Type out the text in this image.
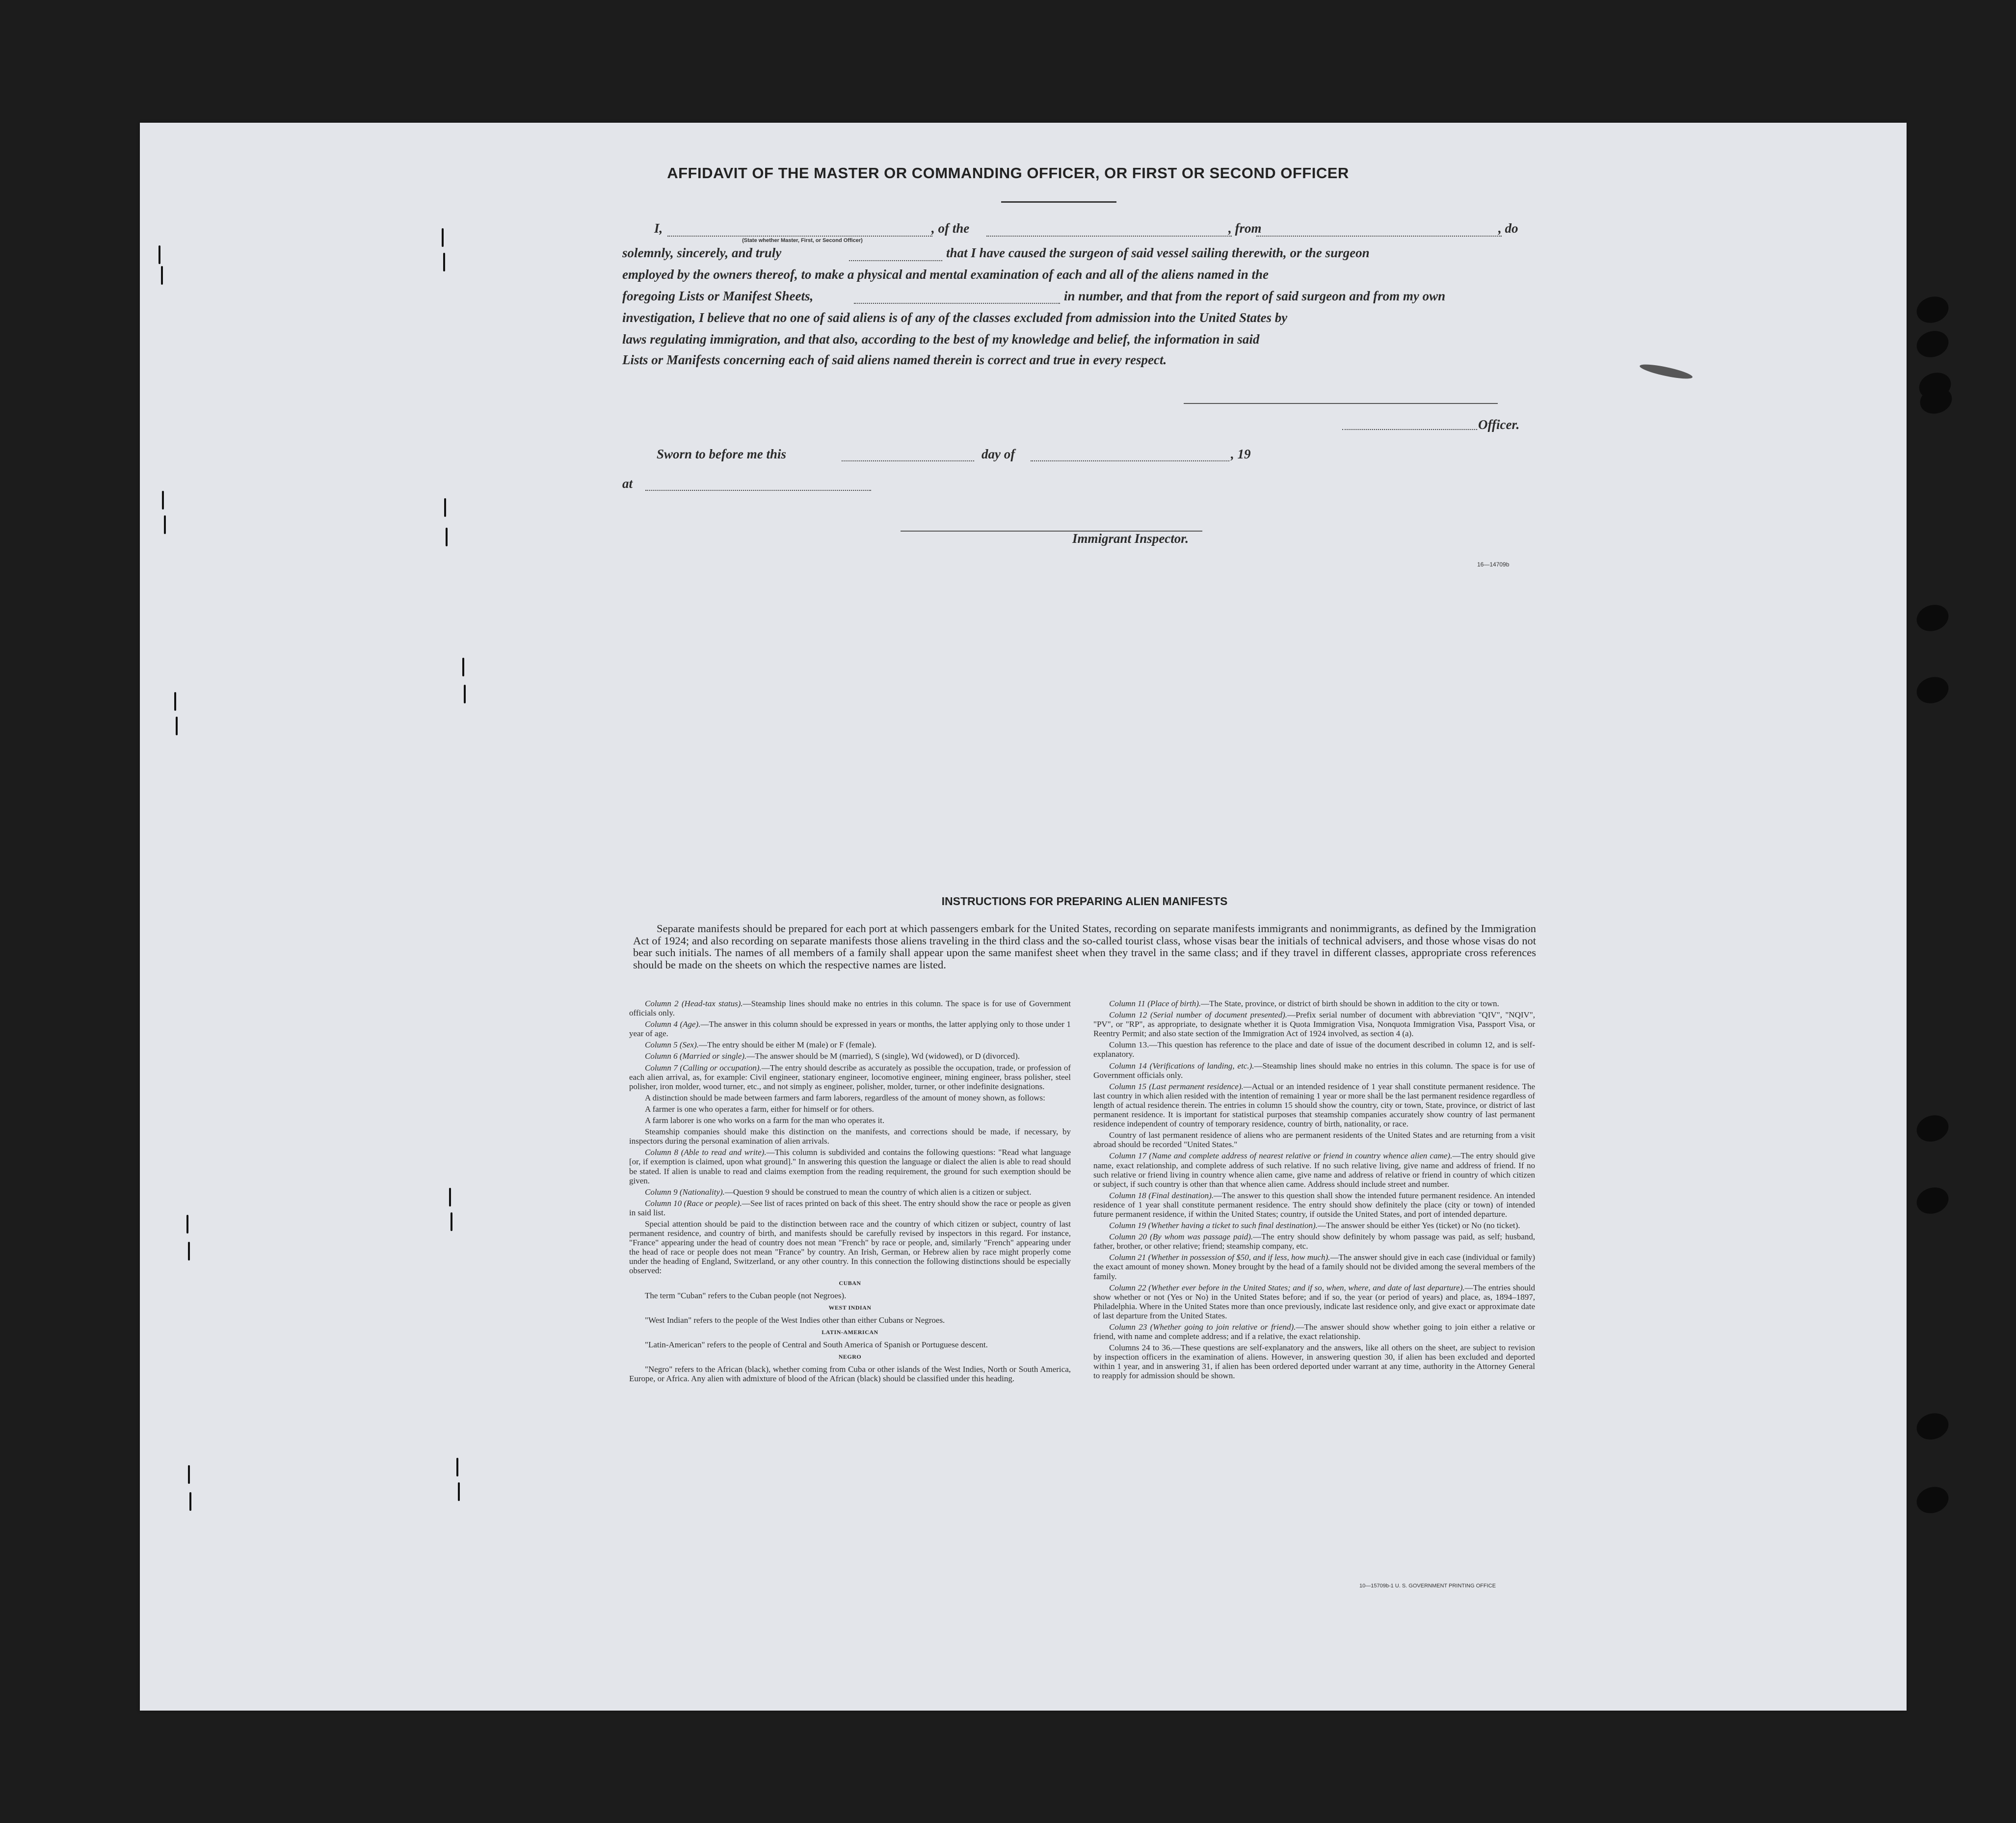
AFFIDAVIT OF THE MASTER OR COMMANDING OFFICER, OR FIRST OR SECOND OFFICER
I,	, of the	, from	, do
(State whether Master, First, or Second Officer)
solemnly, sincerely, and truly	that I have caused the surgeon of said vessel sailing therewith, or the surgeon
employed by the owners thereof, to make a physical and mental examination of each and all of the aliens named in the
foregoing Lists or Manifest Sheets,	in number, and that from the report of said surgeon and from my own
investigation, I believe that no one of said aliens is of any of the classes excluded from admission into the United States by
laws regulating immigration, and that also, according to the best of my knowledge and belief, the information in said
Lists or Manifests concerning each of said aliens named therein is correct and true in every respect.
Officer.
Sworn to before me this	day of	, 19
at
Immigrant Inspector.
16—14709b
INSTRUCTIONS FOR PREPARING ALIEN MANIFESTS
Separate manifests should be prepared for each port at which passengers embark for the United States, recording on separate manifests immigrants and nonimmigrants, as defined by the Immigration Act of 1924; and also recording on separate manifests those aliens traveling in the third class and the so-called tourist class, whose visas bear the initials of technical advisers, and those whose visas do not bear such initials. The names of all members of a family shall appear upon the same manifest sheet when they travel in the same class; and if they travel in different classes, appropriate cross references should be made on the sheets on which the respective names are listed.

Column 2 (Head-tax status).—Steamship lines should make no entries in this column. The space is for use of Government officials only.

Column 4 (Age).—The answer in this column should be expressed in years or months, the latter applying only to those under 1 year of age.

Column 5 (Sex).—The entry should be either M (male) or F (female).

Column 6 (Married or single).—The answer should be M (married), S (single), Wd (widowed), or D (divorced).

Column 7 (Calling or occupation).—The entry should describe as accurately as possible the occupation, trade, or profession of each alien arrival, as, for example: Civil engineer, stationary engineer, locomotive engineer, mining engineer, brass polisher, steel polisher, iron molder, wood turner, etc., and not simply as engineer, polisher, molder, turner, or other indefinite designations.

A distinction should be made between farmers and farm laborers, regardless of the amount of money shown, as follows:

A farmer is one who operates a farm, either for himself or for others.

A farm laborer is one who works on a farm for the man who operates it.

Steamship companies should make this distinction on the manifests, and corrections should be made, if necessary, by inspectors during the personal examination of alien arrivals.

Column 8 (Able to read and write).—This column is subdivided and contains the following questions: "Read what language [or, if exemption is claimed, upon what ground]." In answering this question the language or dialect the alien is able to read should be stated. If alien is unable to read and claims exemption from the reading requirement, the ground for such exemption should be given.

Column 9 (Nationality).—Question 9 should be construed to mean the country of which alien is a citizen or subject.

Column 10 (Race or people).—See list of races printed on back of this sheet. The entry should show the race or people as given in said list.

Special attention should be paid to the distinction between race and the country of which citizen or subject, country of last permanent residence, and country of birth, and manifests should be carefully revised by inspectors in this regard. For instance, "France" appearing under the head of country does not mean "French" by race or people, and, similarly "French" appearing under the head of race or people does not mean "France" by country. An Irish, German, or Hebrew alien by race might properly come under the heading of England, Switzerland, or any other country. In this connection the following distinctions should be especially observed:

CUBAN

The term "Cuban" refers to the Cuban people (not Negroes).

WEST INDIAN

"West Indian" refers to the people of the West Indies other than either Cubans or Negroes.

LATIN-AMERICAN

"Latin-American" refers to the people of Central and South America of Spanish or Portuguese descent.

NEGRO

"Negro" refers to the African (black), whether coming from Cuba or other islands of the West Indies, North or South America, Europe, or Africa. Any alien with admixture of blood of the African (black) should be classified under this heading.

Column 11 (Place of birth).—The State, province, or district of birth should be shown in addition to the city or town.

Column 12 (Serial number of document presented).—Prefix serial number of document with abbreviation "QIV", "NQIV", "PV", or "RP", as appropriate, to designate whether it is Quota Immigration Visa, Nonquota Immigration Visa, Passport Visa, or Reentry Permit; and also state section of the Immigration Act of 1924 involved, as section 4 (a).

Column 13.—This question has reference to the place and date of issue of the document described in column 12, and is self-explanatory.

Column 14 (Verifications of landing, etc.).—Steamship lines should make no entries in this column. The space is for use of Government officials only.

Column 15 (Last permanent residence).—Actual or an intended residence of 1 year shall constitute permanent residence. The last country in which alien resided with the intention of remaining 1 year or more shall be the last permanent residence regardless of length of actual residence therein. The entries in column 15 should show the country, city or town, State, province, or district of last permanent residence. It is important for statistical purposes that steamship companies accurately show country of last permanent residence independent of country of temporary residence, country of birth, nationality, or race.

Country of last permanent residence of aliens who are permanent residents of the United States and are returning from a visit abroad should be recorded "United States."

Column 17 (Name and complete address of nearest relative or friend in country whence alien came).—The entry should give name, exact relationship, and complete address of such relative. If no such relative living, give name and address of friend. If no such relative or friend living in country whence alien came, give name and address of relative or friend in country of which citizen or subject, if such country is other than that whence alien came. Address should include street and number.

Column 18 (Final destination).—The answer to this question shall show the intended future permanent residence. An intended residence of 1 year shall constitute permanent residence. The entry should show definitely the place (city or town) of intended future permanent residence, if within the United States; country, if outside the United States, and port of intended departure.

Column 19 (Whether having a ticket to such final destination).—The answer should be either Yes (ticket) or No (no ticket).

Column 20 (By whom was passage paid).—The entry should show definitely by whom passage was paid, as self; husband, father, brother, or other relative; friend; steamship company, etc.

Column 21 (Whether in possession of $50, and if less, how much).—The answer should give in each case (individual or family) the exact amount of money shown. Money brought by the head of a family should not be divided among the several members of the family.

Column 22 (Whether ever before in the United States; and if so, when, where, and date of last departure).—The entries should show whether or not (Yes or No) in the United States before; and if so, the year (or period of years) and place, as, 1894–1897, Philadelphia. Where in the United States more than once previously, indicate last residence only, and give exact or approximate date of last departure from the United States.

Column 23 (Whether going to join relative or friend).—The answer should show whether going to join either a relative or friend, with name and complete address; and if a relative, the exact relationship.

Columns 24 to 36.—These questions are self-explanatory and the answers, like all others on the sheet, are subject to revision by inspection officers in the examination of aliens. However, in answering question 30, if alien has been excluded and deported within 1 year, and in answering 31, if alien has been ordered deported under warrant at any time, authority in the Attorney General to reapply for admission should be shown.

10—15709b-1 U. S. GOVERNMENT PRINTING OFFICE
